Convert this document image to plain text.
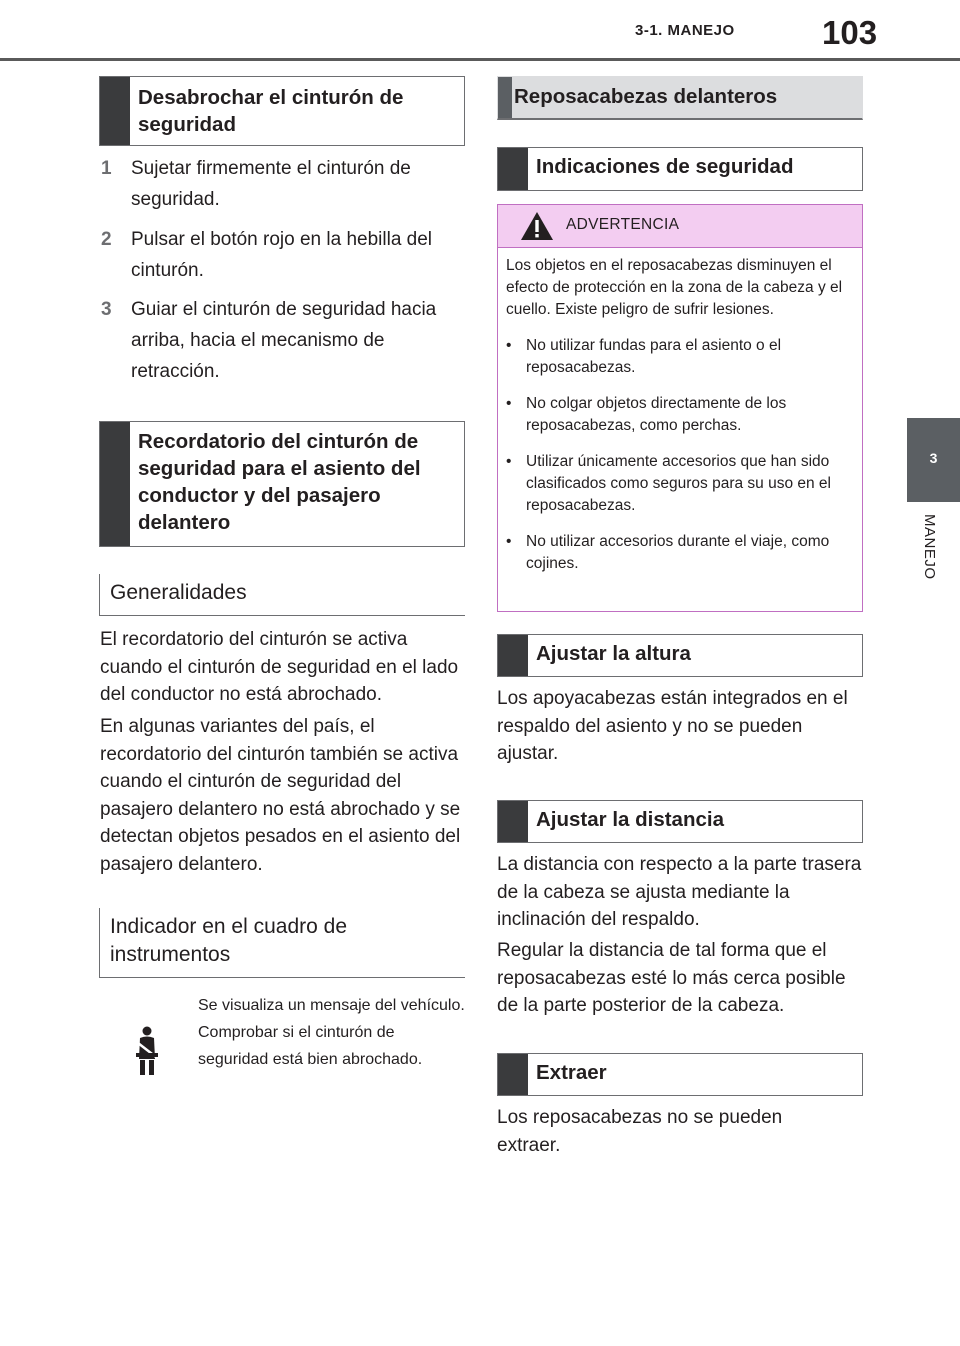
3-1. MANEJO	103
3
MANEJO
Desabrochar el cinturón de seguridad
1	Sujetar firmemente el cinturón de seguridad.
2	Pulsar el botón rojo en la hebilla del cinturón.
3	Guiar el cinturón de seguridad hacia arriba, hacia el mecanismo de retracción.
Recordatorio del cinturón de seguridad para el asiento del conductor y del pasajero delantero
Generalidades
El recordatorio del cinturón se activa cuando el cinturón de seguridad en el lado del conductor no está abrochado.
En algunas variantes del país, el recordatorio del cinturón también se activa cuando el cinturón de seguridad del pasajero delantero no está abrochado y se detectan objetos pesados en el asiento del pasajero delantero.
Indicador en el cuadro de instrumentos
Se visualiza un mensaje del vehículo. Comprobar si el cinturón de seguridad está bien abrochado.
Reposacabezas delanteros
Indicaciones de seguridad
ADVERTENCIA
Los objetos en el reposacabezas disminuyen el efecto de protección en la zona de la cabeza y el cuello. Existe peligro de sufrir lesiones.
• No utilizar fundas para el asiento o el reposacabezas.
• No colgar objetos directamente de los reposacabezas, como perchas.
• Utilizar únicamente accesorios que han sido clasificados como seguros para su uso en el reposacabezas.
• No utilizar accesorios durante el viaje, como cojines.
Ajustar la altura
Los apoyacabezas están integrados en el respaldo del asiento y no se pueden ajustar.
Ajustar la distancia
La distancia con respecto a la parte trasera de la cabeza se ajusta mediante la inclinación del respaldo.
Regular la distancia de tal forma que el reposacabezas esté lo más cerca posible de la parte posterior de la cabeza.
Extraer
Los reposacabezas no se pueden extraer.
